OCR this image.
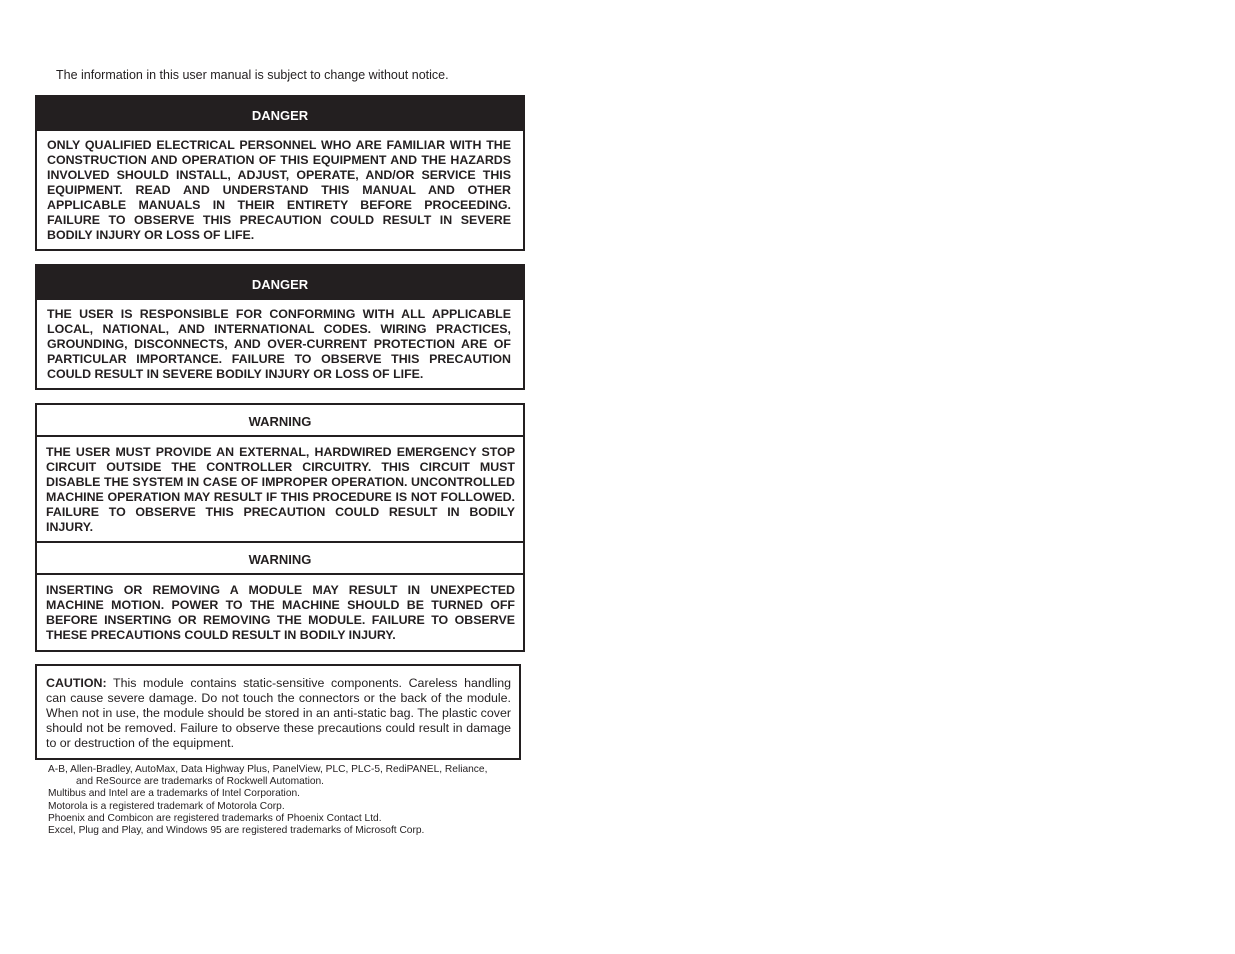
The information in this user manual is subject to change without notice.
DANGER
ONLY QUALIFIED ELECTRICAL PERSONNEL WHO ARE FAMILIAR WITH THE CONSTRUCTION AND OPERATION OF THIS EQUIPMENT AND THE HAZARDS INVOLVED SHOULD INSTALL, ADJUST, OPERATE, AND/OR SERVICE THIS EQUIPMENT. READ AND UNDERSTAND THIS MANUAL AND OTHER APPLICABLE MANUALS IN THEIR ENTIRETY BEFORE PROCEEDING. FAILURE TO OBSERVE THIS PRECAUTION COULD RESULT IN SEVERE BODILY INJURY OR LOSS OF LIFE.
DANGER
THE USER IS RESPONSIBLE FOR CONFORMING WITH ALL APPLICABLE LOCAL, NATIONAL, AND INTERNATIONAL CODES. WIRING PRACTICES, GROUNDING, DISCONNECTS, AND OVER-CURRENT PROTECTION ARE OF PARTICULAR IMPORTANCE. FAILURE TO OBSERVE THIS PRECAUTION COULD RESULT IN SEVERE BODILY INJURY OR LOSS OF LIFE.
WARNING
THE USER MUST PROVIDE AN EXTERNAL, HARDWIRED EMERGENCY STOP CIRCUIT OUTSIDE THE CONTROLLER CIRCUITRY. THIS CIRCUIT MUST DISABLE THE SYSTEM IN CASE OF IMPROPER OPERATION. UNCONTROLLED MACHINE OPERATION MAY RESULT IF THIS PROCEDURE IS NOT FOLLOWED. FAILURE TO OBSERVE THIS PRECAUTION COULD RESULT IN BODILY INJURY.
WARNING
INSERTING OR REMOVING A MODULE MAY RESULT IN UNEXPECTED MACHINE MOTION. POWER TO THE MACHINE SHOULD BE TURNED OFF BEFORE INSERTING OR REMOVING THE MODULE. FAILURE TO OBSERVE THESE PRECAUTIONS COULD RESULT IN BODILY INJURY.
CAUTION: This module contains static-sensitive components. Careless handling can cause severe damage. Do not touch the connectors or the back of the module. When not in use, the module should be stored in an anti-static bag. The plastic cover should not be removed. Failure to observe these precautions could result in damage to or destruction of the equipment.
A-B, Allen-Bradley, AutoMax, Data Highway Plus, PanelView, PLC, PLC-5, RediPANEL, Reliance,
and ReSource are trademarks of Rockwell Automation.
Multibus and Intel are a trademarks of Intel Corporation.
Motorola is a registered trademark of Motorola Corp.
Phoenix and Combicon are registered trademarks of Phoenix Contact Ltd.
Excel, Plug and Play, and Windows 95 are registered trademarks of Microsoft Corp.
